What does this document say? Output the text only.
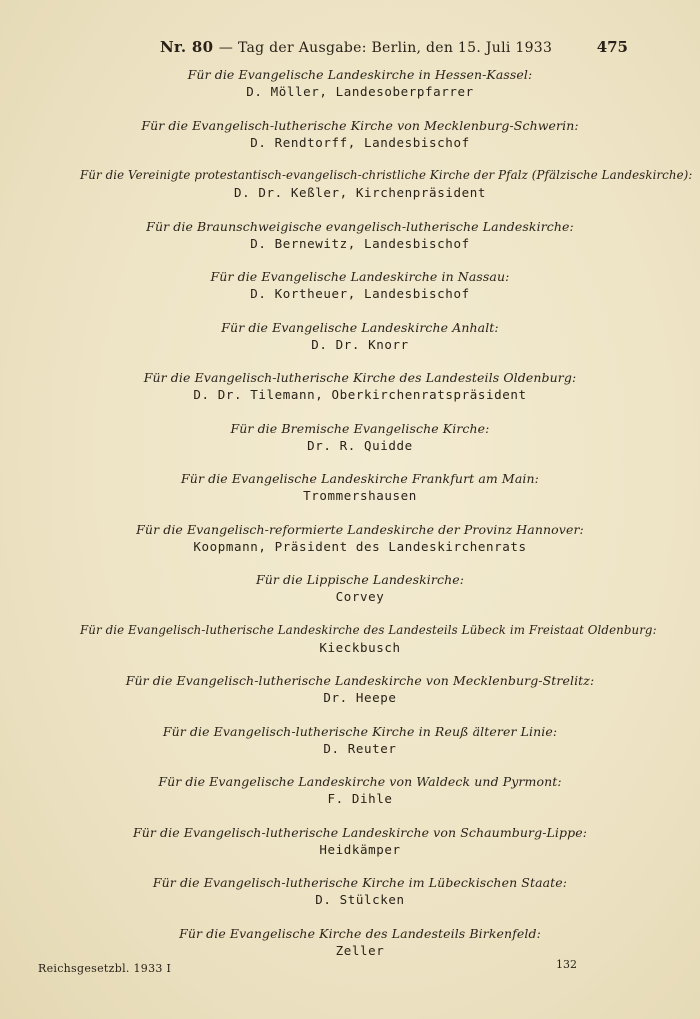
Nr. 80 — Tag der Ausgabe: Berlin, den 15. Juli 1933	475
Für die Evangelische Landeskirche in Hessen-Kassel:
D. Möller, Landesoberpfarrer
Für die Evangelisch-lutherische Kirche von Mecklenburg-Schwerin:
D. Rendtorff, Landesbischof
Für die Vereinigte protestantisch-evangelisch-christliche Kirche der Pfalz (Pfälzische Landeskirche):
D. Dr. Keßler, Kirchenpräsident
Für die Braunschweigische evangelisch-lutherische Landeskirche:
D. Bernewitz, Landesbischof
Für die Evangelische Landeskirche in Nassau:
D. Kortheuer, Landesbischof
Für die Evangelische Landeskirche Anhalt:
D. Dr. Knorr
Für die Evangelisch-lutherische Kirche des Landesteils Oldenburg:
D. Dr. Tilemann, Oberkirchenratspräsident
Für die Bremische Evangelische Kirche:
Dr. R. Quidde
Für die Evangelische Landeskirche Frankfurt am Main:
Trommershausen
Für die Evangelisch-reformierte Landeskirche der Provinz Hannover:
Koopmann, Präsident des Landeskirchenrats
Für die Lippische Landeskirche:
Corvey
Für die Evangelisch-lutherische Landeskirche des Landesteils Lübeck im Freistaat Oldenburg:
Kieckbusch
Für die Evangelisch-lutherische Landeskirche von Mecklenburg-Strelitz:
Dr. Heepe
Für die Evangelisch-lutherische Kirche in Reuß älterer Linie:
D. Reuter
Für die Evangelische Landeskirche von Waldeck und Pyrmont:
F. Dihle
Für die Evangelisch-lutherische Landeskirche von Schaumburg-Lippe:
Heidkämper
Für die Evangelisch-lutherische Kirche im Lübeckischen Staate:
D. Stülcken
Für die Evangelische Kirche des Landesteils Birkenfeld:
Zeller
Reichsgesetzbl. 1933 I	132
